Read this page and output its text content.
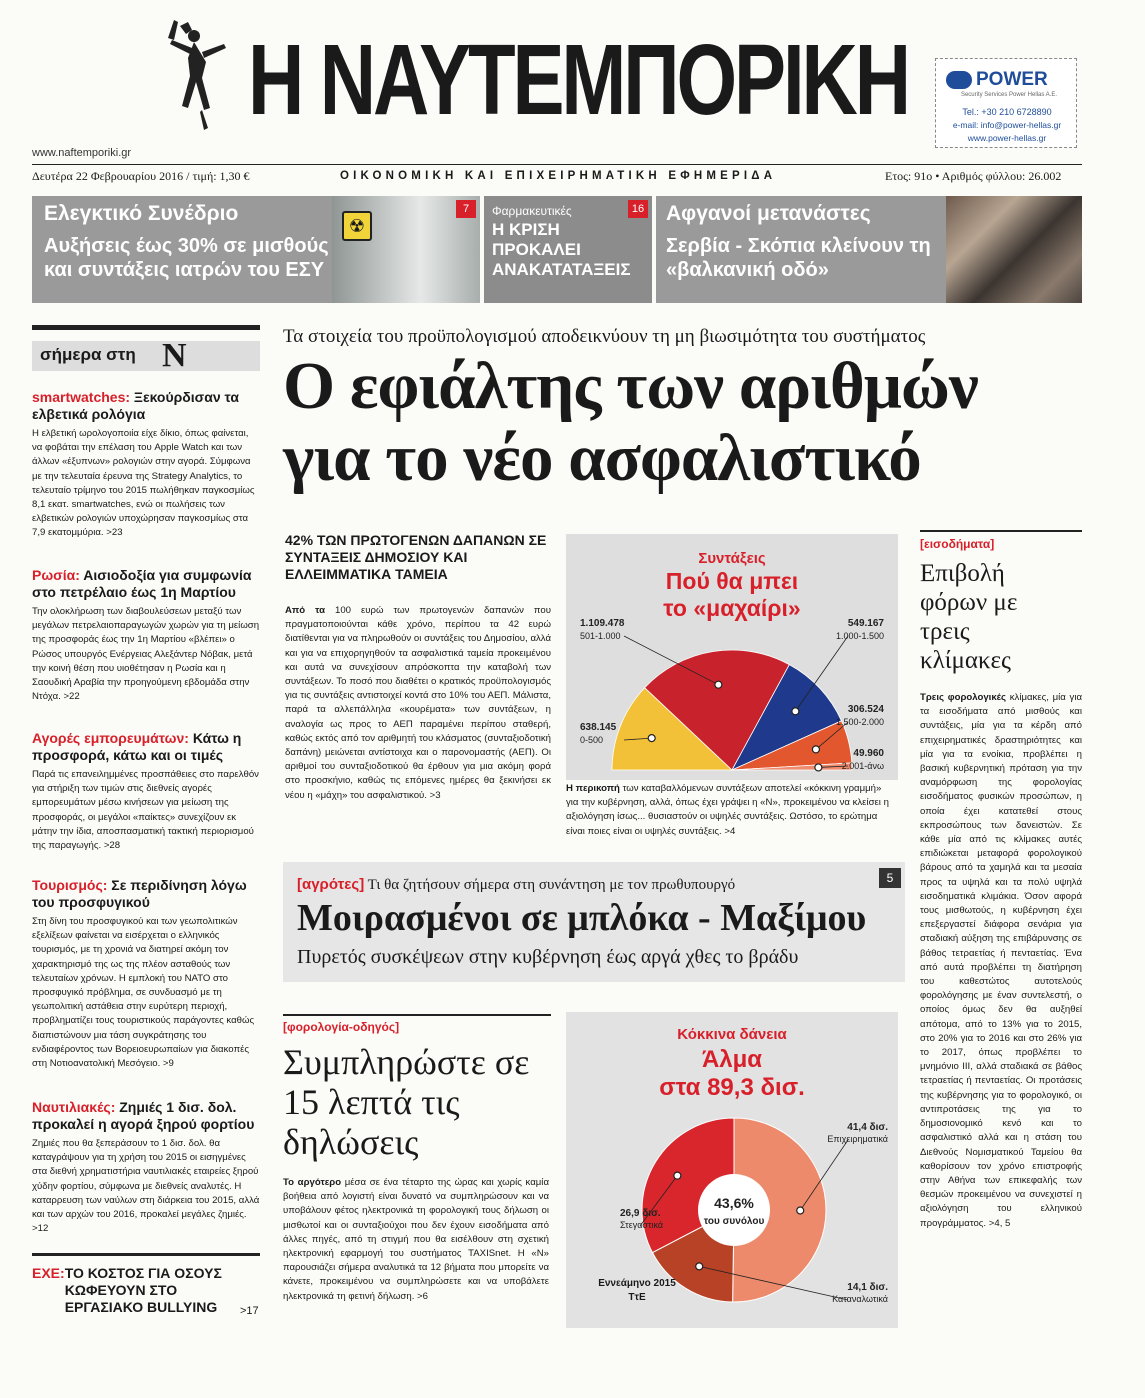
Η ΝΑΥΤΕΜΠΟΡΙΚΗ
www.naftemporiki.gr
POWER
Security Services Power Hellas A.E.
Tel.: +30 210 6728890
e-mail: info@power-hellas.gr
www.power-hellas.gr
Δευτέρα 22 Φεβρουαρίου 2016 / τιμή: 1,30 €	ΟΙΚΟΝΟΜΙΚΗ ΚΑΙ ΕΠΙΧΕΙΡΗΜΑΤΙΚΗ ΕΦΗΜΕΡΙΔΑ	Ετος: 91ο • Αριθμός φύλλου: 26.002
☢
Ελεγκτικό Συνέδριο
Αυξήσεις έως 30% σε μισθούς και συντάξεις ιατρών του ΕΣΥ
7	Φαρμακευτικές
Η ΚΡΙΣΗ ΠΡΟΚΑΛΕΙ ΑΝΑΚΑΤΑΤΑΞΕΙΣ
16 Αφγανοί μετανάστες
Σερβία - Σκόπια κλείνουν τη «βαλκανική οδό»
σήμερα στη Ν
smartwatches: Ξεκούρδισαν τα ελβετικά ρολόγια
Η ελβετική ωρολογοποιία είχε δίκιο, όπως φαίνεται, να φοβάται την επέλαση του Apple Watch και των άλλων «έξυπνων» ρολογιών στην αγορά. Σύμφωνα με την τελευταία έρευνα της Strategy Analytics, το τελευταίο τρίμηνο του 2015 πωλήθηκαν παγκοσμίως 8,1 εκατ. smartwatches, ενώ οι πωλήσεις των ελβετικών ρολογιών υποχώρησαν παγκοσμίως στα 7,9 εκατομμύρια. >23
Ρωσία: Αισιοδοξία για συμφωνία στο πετρέλαιο έως 1η Μαρτίου
Την ολοκλήρωση των διαβουλεύσεων μεταξύ των μεγάλων πετρελαιοπαραγωγών χωρών για τη μείωση της προσφοράς έως την 1η Μαρτίου «βλέπει» ο Ρώσος υπουργός Ενέργειας Αλεξάντερ Νόβακ, μετά την κοινή θέση που υιοθέτησαν η Ρωσία και η Σαουδική Αραβία την προηγούμενη εβδομάδα στην Ντόχα. >22
Αγορές εμπορευμάτων: Κάτω η προσφορά, κάτω και οι τιμές
Παρά τις επανειλημμένες προσπάθειες στο παρελθόν για στήριξη των τιμών στις διεθνείς αγορές εμπορευμάτων μέσω κινήσεων για μείωση της προσφοράς, οι μεγάλοι «παίκτες» συνεχίζουν εκ μάτην την ίδια, αποσπασματική τακτική περιορισμού της παραγωγής. >28
Τουρισμός: Σε περιδίνηση λόγω του προσφυγικού
Στη δίνη του προσφυγικού και των γεωπολιτικών εξελίξεων φαίνεται να εισέρχεται ο ελληνικός τουρισμός, με τη χρονιά να διατηρεί ακόμη τον χαρακτηρισμό της ως της πλέον ασταθούς των τελευταίων χρόνων. Η εμπλοκή του ΝΑΤΟ στο προσφυγικό πρόβλημα, σε συνδυασμό με τη γεωπολιτική αστάθεια στην ευρύτερη περιοχή, προβληματίζει τους τουριστικούς παράγοντες καθώς διαπιστώνουν μια τάση συγκράτησης του ενδιαφέροντος των Βορειοευρωπαίων για διακοπές στη Νοτιοανατολική Μεσόγειο. >9
Ναυτιλιακές: Ζημιές 1 δισ. δολ. προκαλεί η αγορά ξηρού φορτίου
Ζημιές που θα ξεπεράσουν το 1 δισ. δολ. θα καταγράψουν για τη χρήση του 2015 οι εισηγμένες στα διεθνή χρηματιστήρια ναυτιλιακές εταιρείες ξηρού χύδην φορτίου, σύμφωνα με διεθνείς αναλυτές. Η καταρρευση των ναύλων στη διάρκεια του 2015, αλλά και των αρχών του 2016, προκαλεί μεγάλες ζημιές. >12
ΕΧΕ:ΤΟ ΚΟΣΤΟΣ ΓΙΑ ΟΣΟΥΣ ΚΩΦΕΥΟΥΝ ΣΤΟ ΕΡΓΑΣΙΑΚΟ BULLYING	>17
Τα στοιχεία του προϋπολογισμού αποδεικνύουν τη μη βιωσιμότητα του συστήματος
Ο εφιάλτης των αριθμών
για το νέο ασφαλιστικό
42% ΤΩΝ ΠΡΩΤΟΓΕΝΩΝ ΔΑΠΑΝΩΝ ΣΕ ΣΥΝΤΑΞΕΙΣ ΔΗΜΟΣΙΟΥ ΚΑΙ ΕΛΛΕΙΜΜΑΤΙΚΑ ΤΑΜΕΙΑ
Από τα 100 ευρώ των πρωτογενών δαπανών που πραγματοποιούνται κάθε χρόνο, περίπου τα 42 ευρώ διατίθενται για να πληρωθούν οι συντάξεις του Δημοσίου, αλλά και για να επιχορηγηθούν τα ασφαλιστικά ταμεία προκειμένου και αυτά να συνεχίσουν απρόσκοπτα την καταβολή των συντάξεων. Το ποσό που διαθέτει ο κρατικός προϋπολογισμός για τις συντάξεις αντιστοιχεί κοντά στο 10% του ΑΕΠ. Μάλιστα, παρά τα αλλεπάλληλα «κουρέματα» των συντάξεων, η αναλογία ως προς το ΑΕΠ παραμένει περίπου σταθερή, καθώς εκτός από τον αριθμητή του κλάσματος (συνταξιοδοτική δαπάνη) μειώνεται αντίστοιχα και ο παρονομαστής (ΑΕΠ). Οι αριθμοί του συνταξιοδοτικού θα έρθουν για μια ακόμη φορά στο προσκήνιο, καθώς τις επόμενες ημέρες θα ξεκινήσει εκ νέου η «μάχη» του ασφαλιστικού. >3
Συντάξεις
Πού θα μπει το «μαχαίρι»
638.145
0-500
1.109.478
501-1.000
549.167
1.000-1.500
306.524
1.500-2.000
49.960
2.001-άνω
Η περικοπή των καταβαλλόμενων συντάξεων αποτελεί «κόκκινη γραμμή» για την κυβέρνηση, αλλά, όπως έχει γράψει η «Ν», προκειμένου να κλείσει η αξιολόγηση ίσως... θυσιαστούν οι υψηλές συντάξεις. Ωστόσο, το ερώτημα είναι ποιες είναι οι υψηλές συντάξεις. >4
[εισοδήματα]
Επιβολή φόρων με τρεις κλίμακες
Τρεις φορολογικές κλίμακες, μία για τα εισοδήματα από μισθούς και συντάξεις, μία για τα κέρδη από επιχειρηματικές δραστηριότητες και μία για τα ενοίκια, προβλέπει η βασική κυβερνητική πρόταση για την αναμόρφωση της φορολογίας εισοδήματος φυσικών προσώπων, η οποία έχει κατατεθεί στους εκπροσώπους των δανειστών. Σε κάθε μία από τις κλίμακες αυτές επιδιώκεται μεταφορά φορολογικού βάρους από τα χαμηλά και τα μεσαία προς τα υψηλά και τα πολύ υψηλά εισοδηματικά κλιμάκια. Όσον αφορά τους μισθωτούς, η κυβέρνηση έχει επεξεργαστεί διάφορα σενάρια για σταδιακή αύξηση της επιβάρυνσης σε βάθος τετραετίας ή πενταετίας. Ένα από αυτά προβλέπει τη διατήρηση του καθεστώτος αυτοτελούς φορολόγησης με έναν συντελεστή, ο οποίος όμως δεν θα αυξηθεί απότομα, από το 13% για το 2015, στο 20% για το 2016 και στο 26% για το 2017, όπως προβλέπει το μνημόνιο ΙΙΙ, αλλά σταδιακά σε βάθος τετραετίας ή πενταετίας. Οι προτάσεις της κυβέρνησης για το φορολογικό, οι αντιπροτάσεις της για το δημοσιονομικό κενό και το ασφαλιστικό αλλά και η στάση του Διεθνούς Νομισματικού Ταμείου θα καθορίσουν τον χρόνο επιστροφής στην Αθήνα των επικεφαλής των θεσμών προκειμένου να συνεχιστεί η αξιολόγηση του ελληνικού προγράμματος. >4, 5
[αγρότες] Τι θα ζητήσουν σήμερα στη συνάντηση με τον πρωθυπουργό	5
Μοιρασμένοι σε μπλόκα - Μαξίμου
Πυρετός συσκέψεων στην κυβέρνηση έως αργά χθες το βράδυ
[φορολογία-οδηγός]
Συμπληρώστε σε 15 λεπτά τις δηλώσεις
Το αργότερο μέσα σε ένα τέταρτο της ώρας και χωρίς καμία βοήθεια από λογιστή είναι δυνατό να συμπληρώσουν και να υποβάλουν φέτος ηλεκτρονικά τη φορολογική τους δήλωση οι μισθωτοί και οι συνταξιούχοι που δεν έχουν εισοδήματα από άλλες πηγές, από τη στιγμή που θα εισέλθουν στη σχετική ηλεκτρονική εφαρμογή του συστήματος TAXISnet. Η «Ν» παρουσιάζει σήμερα αναλυτικά τα 12 βήματα που μπορείτε να κάνετε, προκειμένου να συμπληρώσετε και να υποβάλετε ηλεκτρονικά τη φετινή δήλωση. >6
Κόκκινα δάνεια
Άλμα
στα 89,3 δισ.
43,6%
του συνόλου
41,4 δισ.
Επιχειρηματικά
14,1 δισ.
Καταναλωτικά
26,9 δισ.
Στεγαστικά
Εννεάμηνο 2015
ΤτΕ
